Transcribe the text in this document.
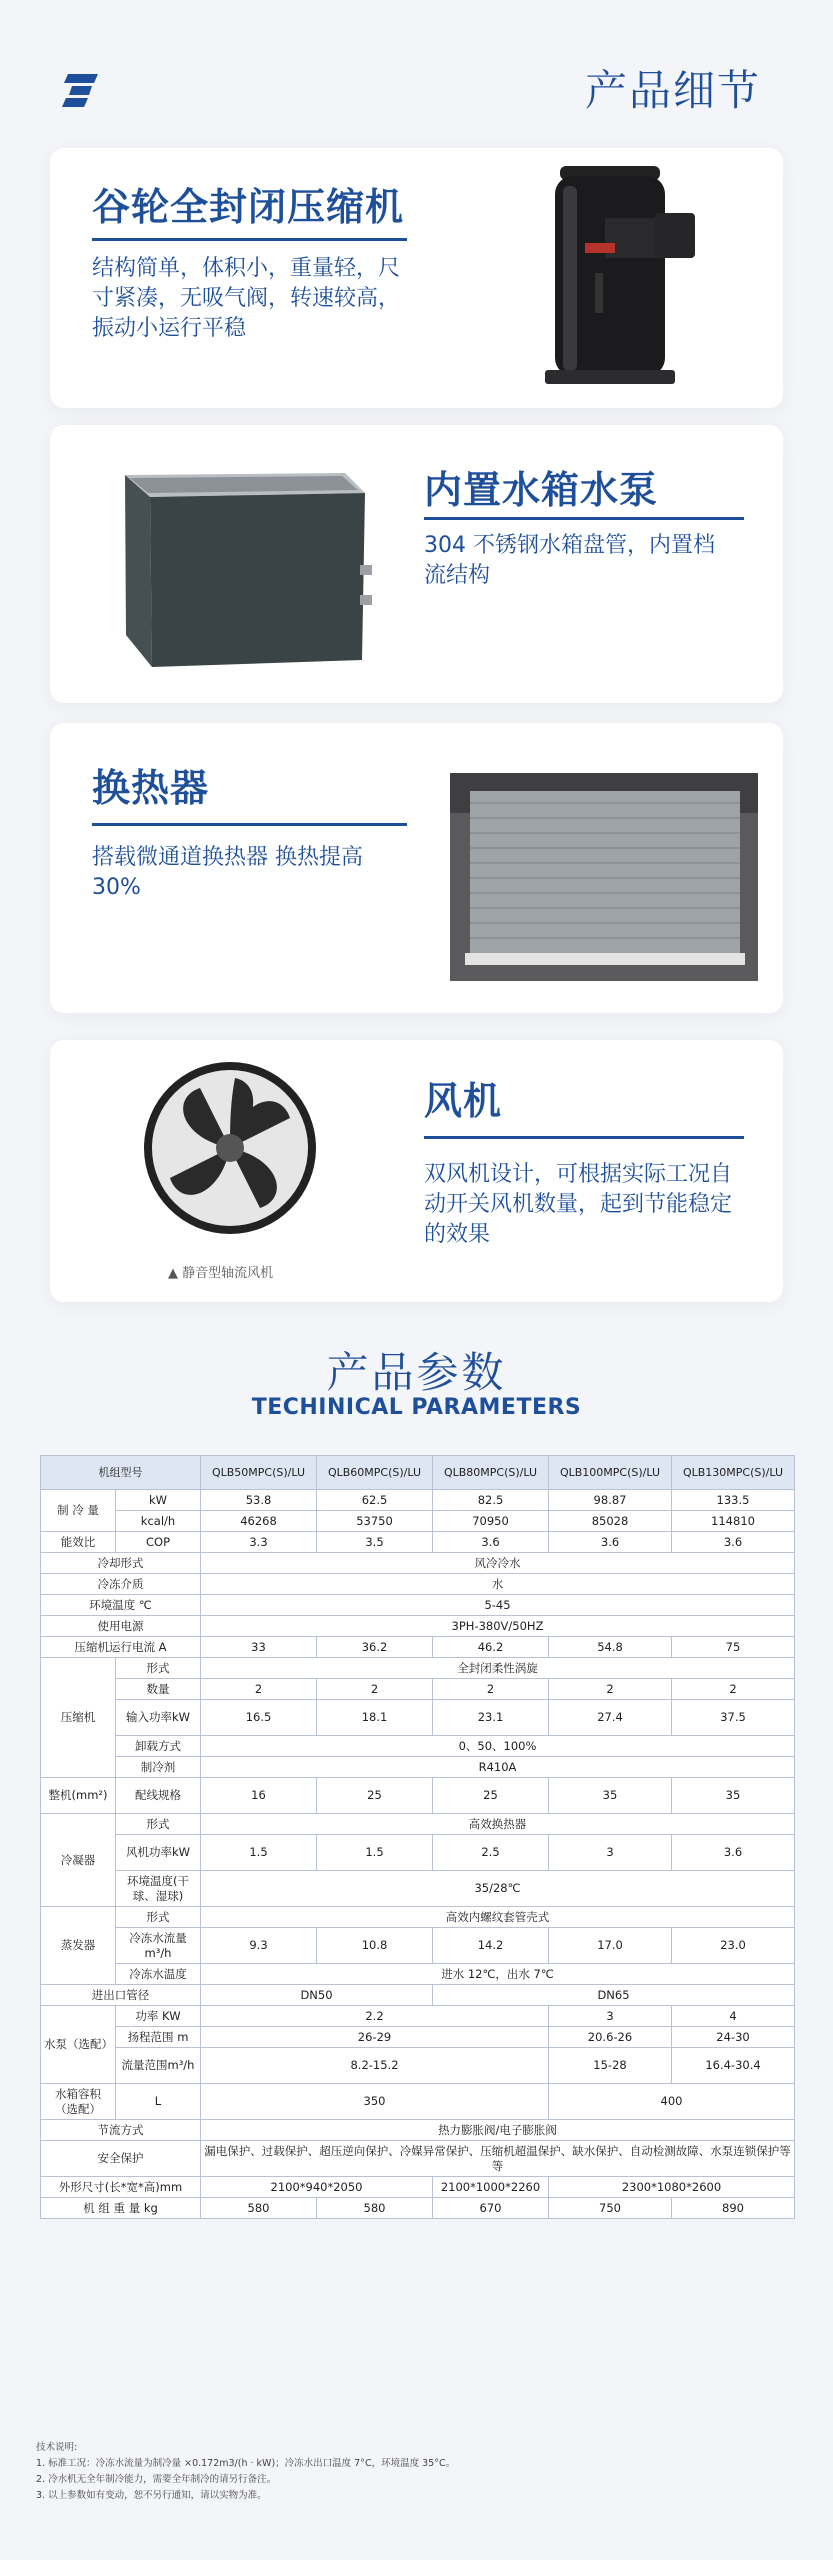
产品细节
谷轮全封闭压缩机
结构简单，体积小，重量轻，尺
寸紧凑，无吸气阀，转速较高，
振动小运行平稳
内置水箱水泵
304 不锈钢水箱盘管，内置档
流结构
换热器
搭载微通道换热器 换热提高
30%
▲ 静音型轴流风机
风机
双风机设计，可根据实际工况自
动开关风机数量，起到节能稳定
的效果
产品参数
TECHINICAL PARAMETERS
机组型号		QLB50MPC(S)/LU	QLB60MPC(S)/LU	QLB80MPC(S)/LU	QLB100MPC(S)/LU	QLB130MPC(S)/LU
制 冷 量	kW	53.8	62.5	82.5	98.87	133.5
	kcal/h	46268	53750	70950	85028	114810
能效比	COP	3.3	3.5	3.6	3.6	3.6
冷却形式		风冷冷水				
冷冻介质		水				
环境温度 ℃		5-45				
使用电源		3PH-380V/50HZ				
压缩机运行电流 A		33	36.2	46.2	54.8	75
压缩机	形式	全封闭柔性涡旋				
	数量	2	2	2	2	2
	输入功率kW	16.5	18.1	23.1	27.4	37.5
	卸载方式	0、50、100%				
	制冷剂	R410A				
整机(mm²)	配线规格	16	25	25	35	35
冷凝器	形式	高效换热器				
	风机功率kW	1.5	1.5	2.5	3	3.6
	环境温度(干球、湿球)	35/28℃				
蒸发器	形式	高效内螺纹套管壳式				
	冷冻水流量m³/h	9.3	10.8	14.2	17.0	23.0
	冷冻水温度	进水 12℃，出水 7℃				
进出口管径		DN50		DN65		
水泵（选配）	功率 KW	2.2			3	4
	扬程范围 m	26-29			20.6-26	24-30
	流量范围m³/h	8.2-15.2			15-28	16.4-30.4
水箱容积（选配）	L	350			400	
节流方式		热力膨胀阀/电子膨胀阀				
安全保护		漏电保护、过载保护、超压逆向保护、冷媒异常保护、压缩机超温保护、缺水保护、自动检测故障、水泵连锁保护等等				
外形尺寸(长*宽*高)mm		2100*940*2050		2100*1000*2260	2300*1080*2600	
机 组 重 量 kg		580	580	670	750	890
技术说明:
1. 标准工况：冷冻水流量为制冷量 ×0.172m3/(h · kW)；冷冻水出口温度 7°C，环境温度 35°C。
2. 冷水机无全年制冷能力，需要全年制冷的请另行备注。
3. 以上参数如有变动，恕不另行通知，请以实物为准。
